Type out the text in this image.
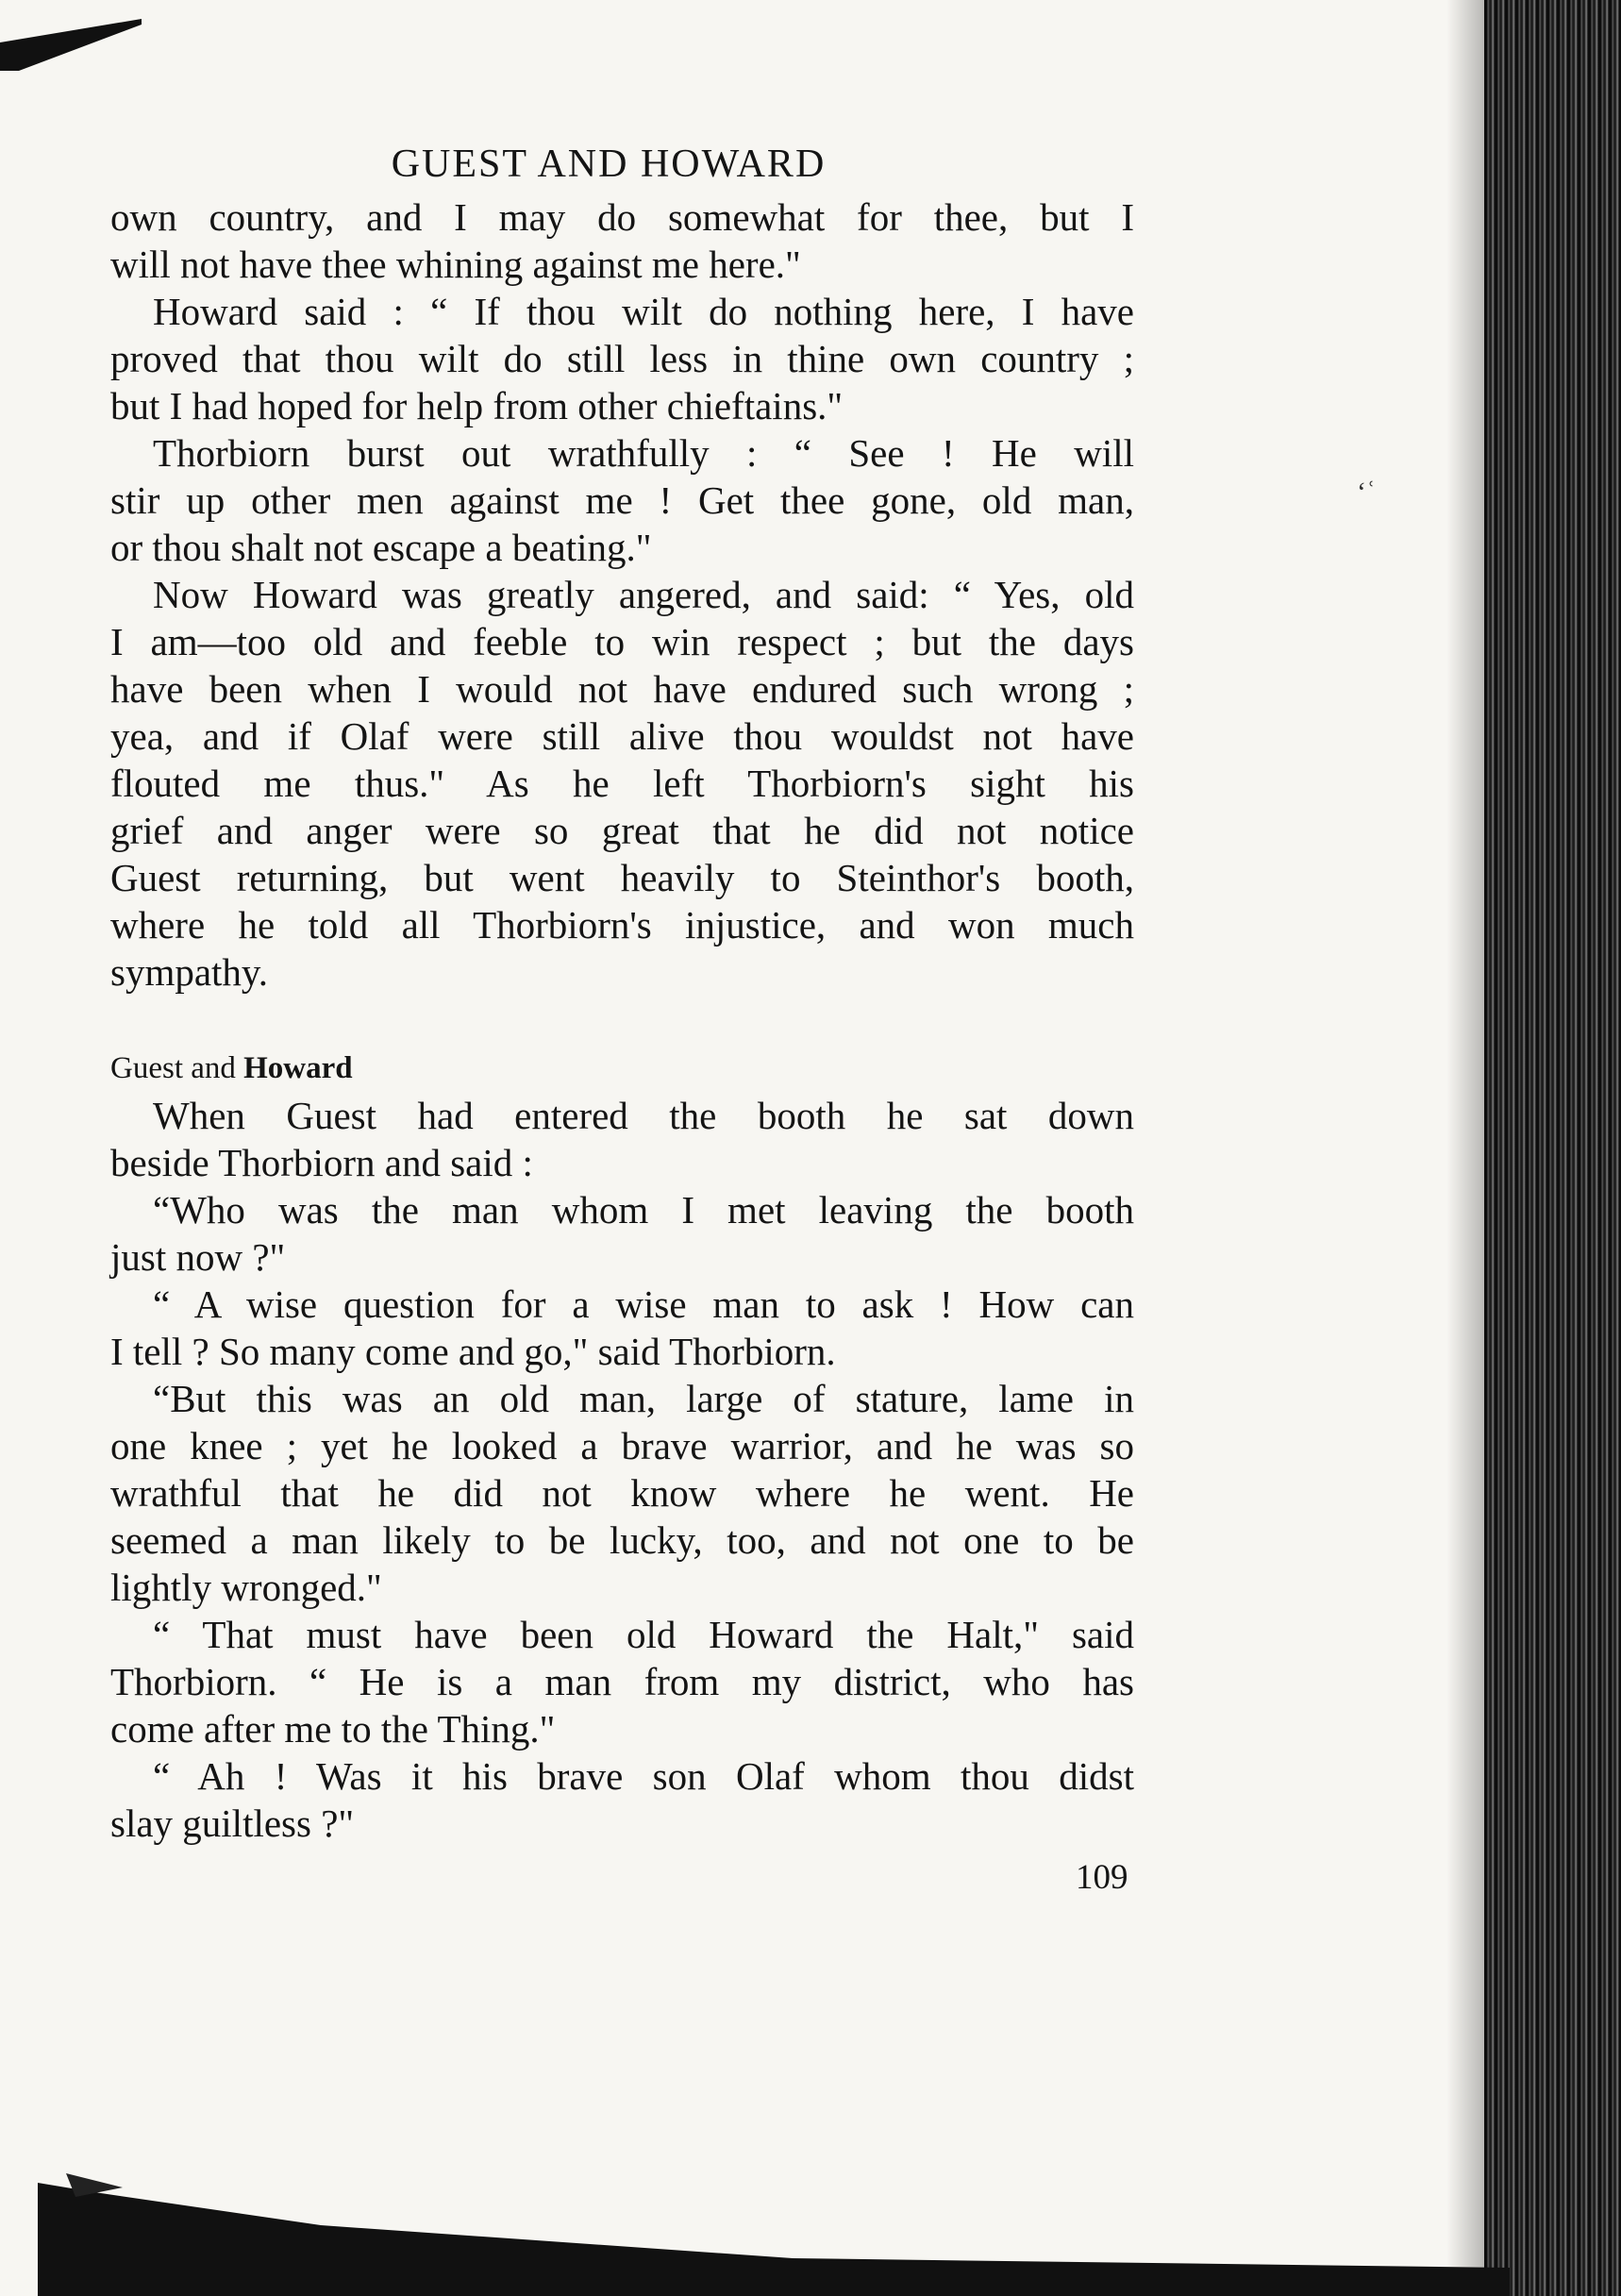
GUEST AND HOWARD
own country, and I may do somewhat for thee, but I
will not have thee whining against me here."
Howard said : “ If thou wilt do nothing here, I have
proved that thou wilt do still less in thine own country ;
but I had hoped for help from other chieftains."
Thorbiorn burst out wrathfully : “ See ! He will
stir up other men against me ! Get thee gone, old man,
or thou shalt not escape a beating."
Now Howard was greatly angered, and said: “ Yes, old
I am—too old and feeble to win respect ; but the days
have been when I would not have endured such wrong ;
yea, and if Olaf were still alive thou wouldst not have
flouted me thus." As he left Thorbiorn's sight his
grief and anger were so great that he did not notice
Guest returning, but went heavily to Steinthor's booth,
where he told all Thorbiorn's injustice, and won much
sympathy.
Guest and Howard
When Guest had entered the booth he sat down
beside Thorbiorn and said :
“Who was the man whom I met leaving the booth
just now ?"
“ A wise question for a wise man to ask ! How can
I tell ? So many come and go," said Thorbiorn.
“But this was an old man, large of stature, lame in
one knee ; yet he looked a brave warrior, and he was so
wrathful that he did not know where he went. He
seemed a man likely to be lucky, too, and not one to be
lightly wronged."
“ That must have been old Howard the Halt," said
Thorbiorn. “ He is a man from my district, who has
come after me to the Thing."
“ Ah ! Was it his brave son Olaf whom thou didst
slay guiltless ?"
‘ʿ
109
